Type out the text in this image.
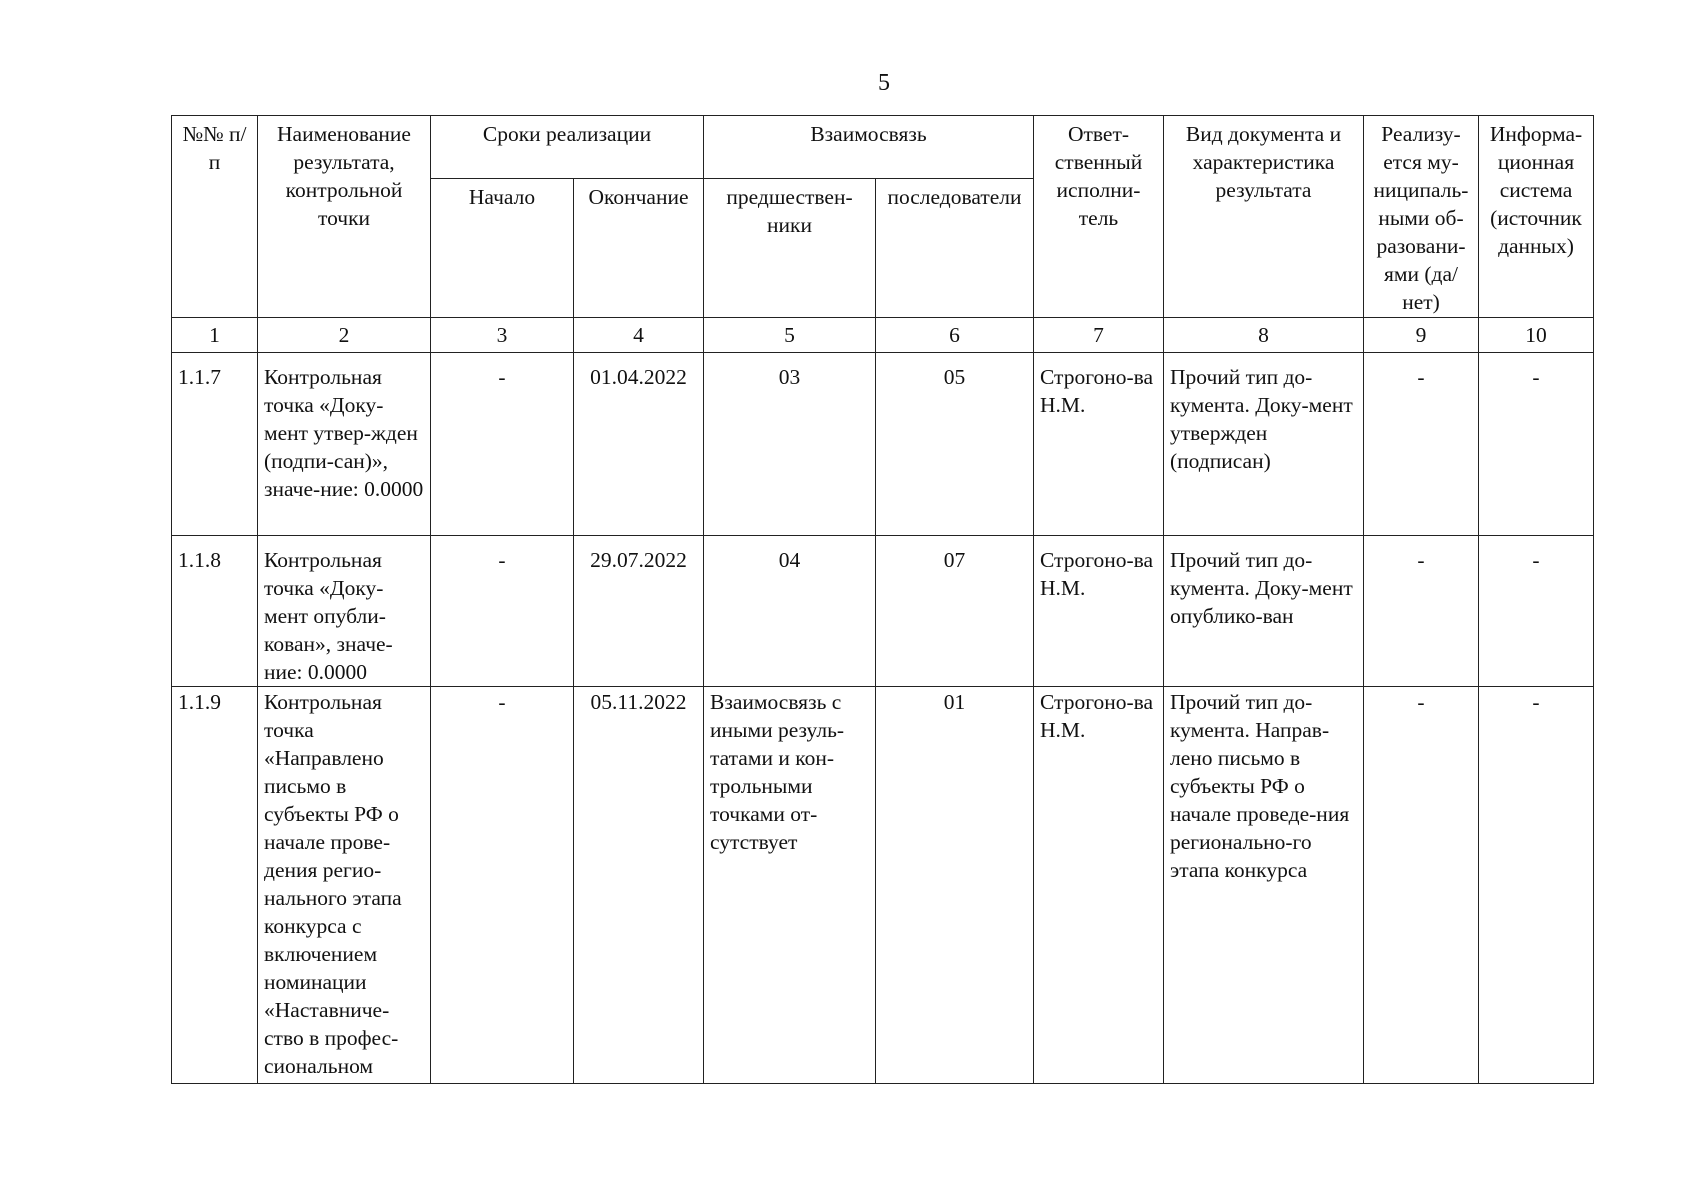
5
№№ п/п	Наименование результата, контрольной точки	Сроки реализации		Взаимосвязь		Ответ-ственный исполни-тель	Вид документа и характеристика результата	Реализу-ется му-ниципаль-ными об-разовани-ями (да/нет)	Информа-ционная система (источник данных)
		Начало	Окончание	предшествен-ники	последователи				
1	2	3	4	5	6	7	8	9	10
1.1.7	Контрольная точка «Доку-мент утвер-жден (подпи-сан)», значе-ние: 0.0000	-	01.04.2022	03	05	Строгоно-ва Н.М.	Прочий тип до-кумента. Доку-мент утвержден (подписан)	-	-
1.1.8	Контрольная точка «Доку-мент опубли-кован», значе-ние: 0.0000	-	29.07.2022	04	07	Строгоно-ва Н.М.	Прочий тип до-кумента. Доку-мент опублико-ван	-	-
1.1.9	Контрольная точка «Направлено письмо в субъекты РФ о начале прове-дения регио-нального этапа конкурса с включением номинации «Наставниче-ство в профес-сиональном	-	05.11.2022	Взаимосвязь с иными резуль-татами и кон-трольными точками от-сутствует	01	Строгоно-ва Н.М.	Прочий тип до-кумента. Направ-лено письмо в субъекты РФ о начале проведе-ния регионально-го этапа конкурса	-	-
